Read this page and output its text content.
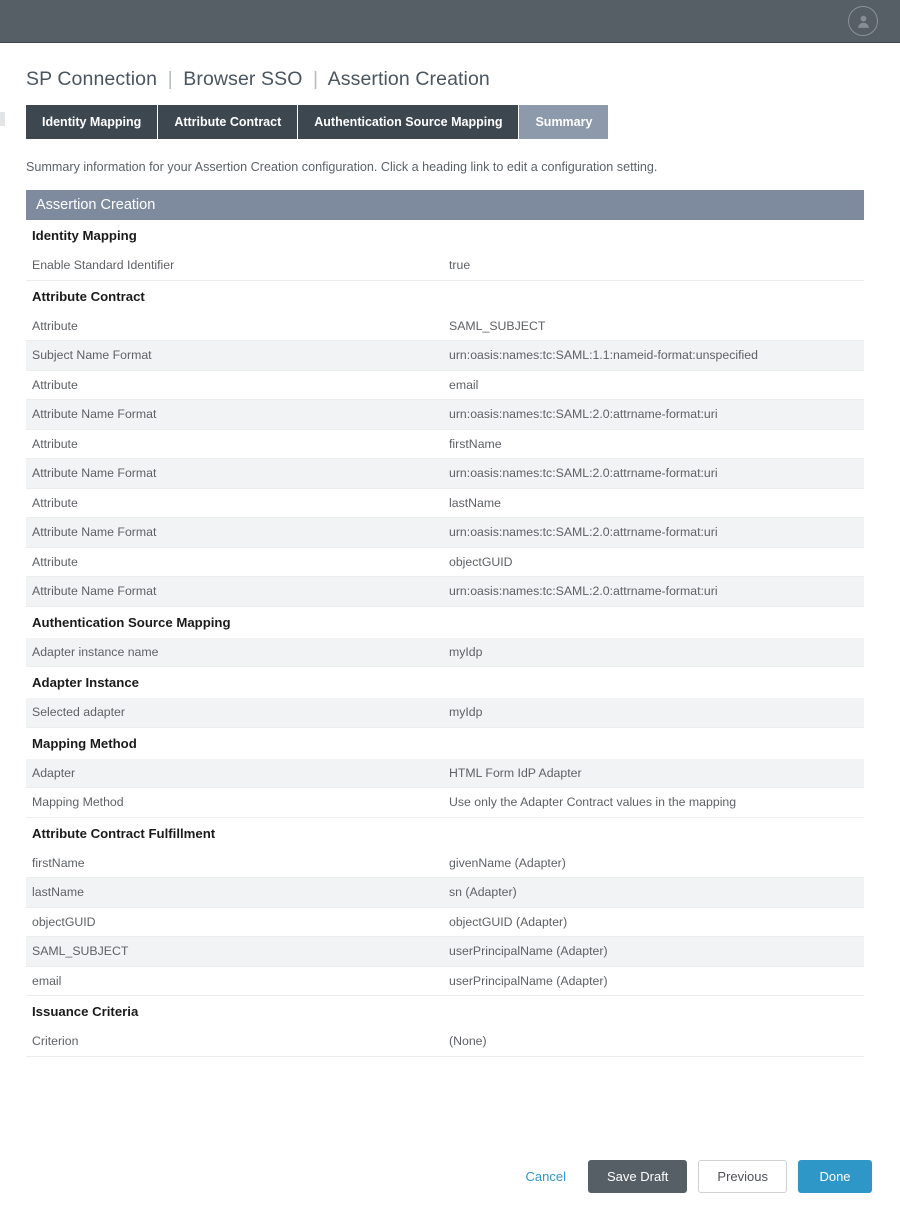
SP Connection | Browser SSO | Assertion Creation
Identity Mapping	Attribute Contract	Authentication Source Mapping	Summary
Summary information for your Assertion Creation configuration. Click a heading link to edit a configuration setting.
Assertion Creation
Identity Mapping
Enable Standard Identifier	true
Attribute Contract
Attribute	SAML_SUBJECT
Subject Name Format	urn:oasis:names:tc:SAML:1.1:nameid-format:unspecified
Attribute	email
Attribute Name Format	urn:oasis:names:tc:SAML:2.0:attrname-format:uri
Attribute	firstName
Attribute Name Format	urn:oasis:names:tc:SAML:2.0:attrname-format:uri
Attribute	lastName
Attribute Name Format	urn:oasis:names:tc:SAML:2.0:attrname-format:uri
Attribute	objectGUID
Attribute Name Format	urn:oasis:names:tc:SAML:2.0:attrname-format:uri
Authentication Source Mapping
Adapter instance name	myIdp
Adapter Instance
Selected adapter	myIdp
Mapping Method
Adapter	HTML Form IdP Adapter
Mapping Method	Use only the Adapter Contract values in the mapping
Attribute Contract Fulfillment
firstName	givenName (Adapter)
lastName	sn (Adapter)
objectGUID	objectGUID (Adapter)
SAML_SUBJECT	userPrincipalName (Adapter)
email	userPrincipalName (Adapter)
Issuance Criteria
Criterion	(None)
Cancel	Save Draft	Previous	Done
